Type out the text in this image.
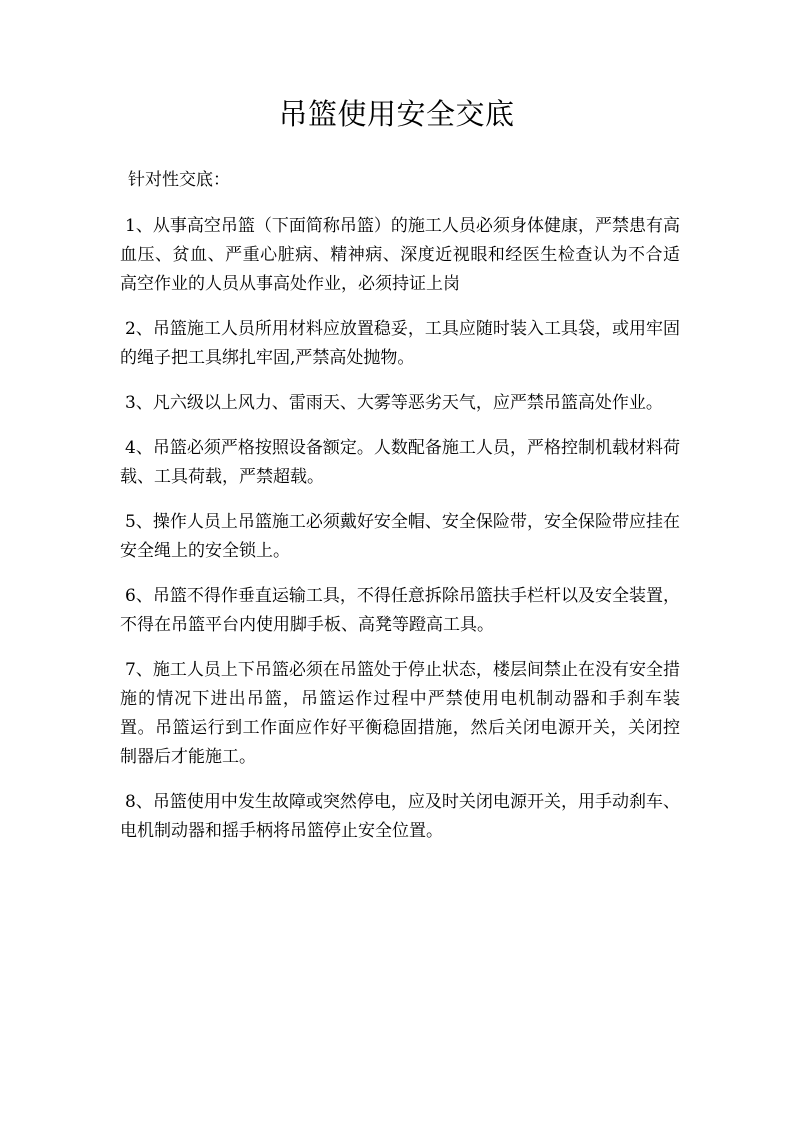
吊篮使用安全交底

针对性交底：

1、从事高空吊篮（下面简称吊篮）的施工人员必须身体健康，严禁患有高血压、贫血、严重心脏病、精神病、深度近视眼和经医生检查认为不合适高空作业的人员从事高处作业，必须持证上岗

2、吊篮施工人员所用材料应放置稳妥，工具应随时装入工具袋，或用牢固的绳子把工具绑扎牢固,严禁高处抛物。

3、凡六级以上风力、雷雨天、大雾等恶劣天气，应严禁吊篮高处作业。

4、吊篮必须严格按照设备额定。人数配备施工人员，严格控制机载材料荷载、工具荷载，严禁超载。

5、操作人员上吊篮施工必须戴好安全帽、安全保险带，安全保险带应挂在安全绳上的安全锁上。

6、吊篮不得作垂直运输工具，不得任意拆除吊篮扶手栏杆以及安全装置，不得在吊篮平台内使用脚手板、高凳等蹬高工具。

7、施工人员上下吊篮必须在吊篮处于停止状态，楼层间禁止在没有安全措施的情况下进出吊篮，吊篮运作过程中严禁使用电机制动器和手刹车装置。吊篮运行到工作面应作好平衡稳固措施，然后关闭电源开关，关闭控制器后才能施工。

8、吊篮使用中发生故障或突然停电，应及时关闭电源开关，用手动刹车、电机制动器和摇手柄将吊篮停止安全位置。
